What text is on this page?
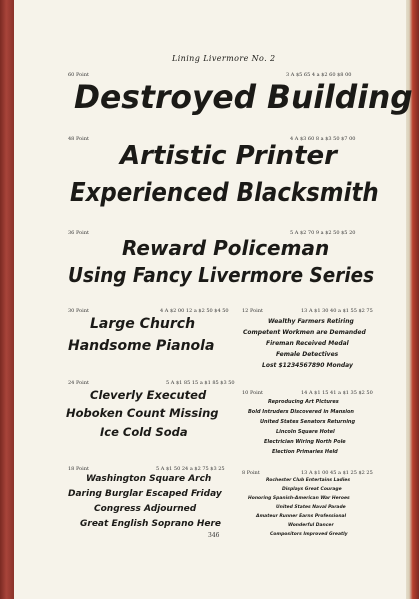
Lining Livermore No. 2
60 Point	3 A $5 65 4 a $2 60 $8 00
Destroyed Building
48 Point	4 A $3 60 8 a $3 50 $7 00
Artistic Printer
Experienced Blacksmith
36 Point	5 A $2 70 9 a $2 50 $5 20
Reward Policeman
Using Fancy Livermore Series
30 Point	4 A $2 00 12 a $2 50 $4 50
Large Church
Handsome Pianola
24 Point	5 A $1 85 15 a $1 85 $3 50
Cleverly Executed
Hoboken Count Missing
Ice Cold Soda
18 Point	5 A $1 50 24 a $2 75 $3 25
Washington Square Arch
Daring Burglar Escaped Friday
Congress Adjourned
Great English Soprano Here
12 Point	13 A $1 30 40 a $1 55 $2 75
Wealthy Farmers Retiring
Competent Workmen are Demanded
Fireman Received Medal
Female Detectives
Lost $1234567890 Monday
10 Point	14 A $1 15 41 a $1 35 $2 50
Reproducing Art Pictures
Bold Intruders Discovered in Mansion
United States Senators Returning
Lincoln Square Hotel
Electrician Wiring North Pole
Election Primaries Held
8 Point	13 A $1 00 45 a $1 25 $2 25
Rochester Club Entertains Ladies
Displays Great Courage
Honoring Spanish-American War Heroes
United States Naval Parade
Amateur Runner Earns Professional
Wonderful Dancer
Compositors Improved Greatly
346
